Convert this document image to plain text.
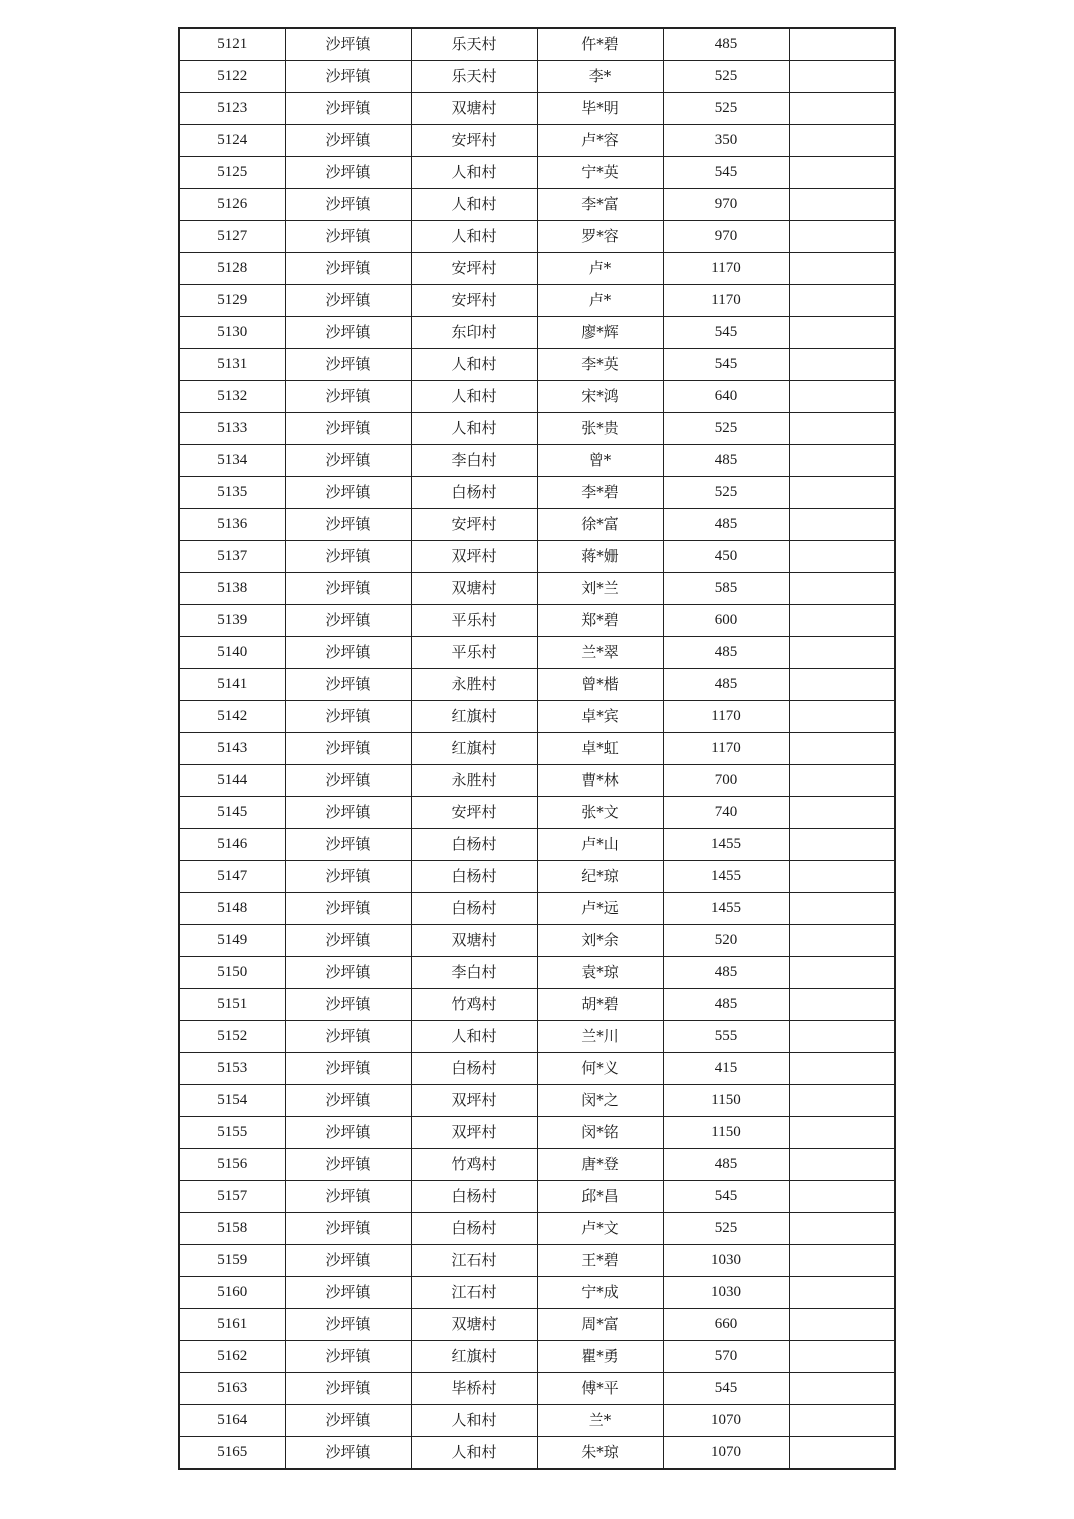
5121	沙坪镇	乐天村	仵*碧	485	
5122	沙坪镇	乐天村	李*	525	
5123	沙坪镇	双塘村	毕*明	525	
5124	沙坪镇	安坪村	卢*容	350	
5125	沙坪镇	人和村	宁*英	545	
5126	沙坪镇	人和村	李*富	970	
5127	沙坪镇	人和村	罗*容	970	
5128	沙坪镇	安坪村	卢*	1170	
5129	沙坪镇	安坪村	卢*	1170	
5130	沙坪镇	东印村	廖*辉	545	
5131	沙坪镇	人和村	李*英	545	
5132	沙坪镇	人和村	宋*鸿	640	
5133	沙坪镇	人和村	张*贵	525	
5134	沙坪镇	李白村	曾*	485	
5135	沙坪镇	白杨村	李*碧	525	
5136	沙坪镇	安坪村	徐*富	485	
5137	沙坪镇	双坪村	蒋*姗	450	
5138	沙坪镇	双塘村	刘*兰	585	
5139	沙坪镇	平乐村	郑*碧	600	
5140	沙坪镇	平乐村	兰*翠	485	
5141	沙坪镇	永胜村	曾*楷	485	
5142	沙坪镇	红旗村	卓*宾	1170	
5143	沙坪镇	红旗村	卓*虹	1170	
5144	沙坪镇	永胜村	曹*林	700	
5145	沙坪镇	安坪村	张*文	740	
5146	沙坪镇	白杨村	卢*山	1455	
5147	沙坪镇	白杨村	纪*琼	1455	
5148	沙坪镇	白杨村	卢*远	1455	
5149	沙坪镇	双塘村	刘*余	520	
5150	沙坪镇	李白村	袁*琼	485	
5151	沙坪镇	竹鸡村	胡*碧	485	
5152	沙坪镇	人和村	兰*川	555	
5153	沙坪镇	白杨村	何*义	415	
5154	沙坪镇	双坪村	闵*之	1150	
5155	沙坪镇	双坪村	闵*铭	1150	
5156	沙坪镇	竹鸡村	唐*登	485	
5157	沙坪镇	白杨村	邱*昌	545	
5158	沙坪镇	白杨村	卢*文	525	
5159	沙坪镇	江石村	王*碧	1030	
5160	沙坪镇	江石村	宁*成	1030	
5161	沙坪镇	双塘村	周*富	660	
5162	沙坪镇	红旗村	瞿*勇	570	
5163	沙坪镇	毕桥村	傅*平	545	
5164	沙坪镇	人和村	兰*	1070	
5165	沙坪镇	人和村	朱*琼	1070	
